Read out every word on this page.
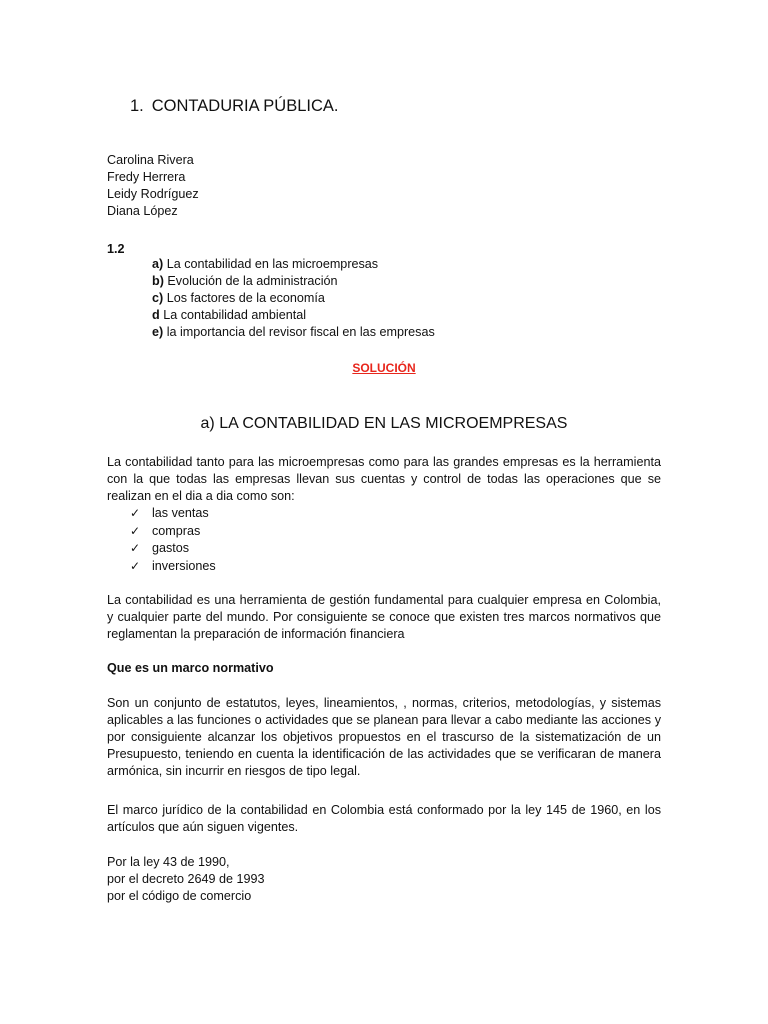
1. CONTADURIA PÚBLICA.
Carolina Rivera
Fredy Herrera
Leidy Rodríguez
Diana López
1.2
a) La contabilidad en las microempresas
b) Evolución de la administración
c) Los factores de la economía
d La contabilidad ambiental
e) la importancia del revisor fiscal en las empresas
SOLUCIÓN
a) LA CONTABILIDAD EN LAS MICROEMPRESAS
La contabilidad tanto para las microempresas como para las grandes empresas es la herramienta con la que todas las empresas llevan sus cuentas y control de todas las operaciones que se realizan en el dia a dia como son:
✓ las ventas
✓ compras
✓ gastos
✓ inversiones
La contabilidad es una herramienta de gestión fundamental para cualquier empresa en Colombia, y cualquier parte del mundo. Por consiguiente se conoce que existen tres marcos normativos que reglamentan la preparación de información financiera
Que es un marco normativo
Son un conjunto de estatutos, leyes, lineamientos, , normas, criterios, metodologías, y sistemas aplicables a las funciones o actividades que se planean para llevar a cabo mediante las acciones y por consiguiente alcanzar los objetivos propuestos en el trascurso de la sistematización de un Presupuesto, teniendo en cuenta la identificación de las actividades que se verificaran de manera armónica, sin incurrir en riesgos de tipo legal.
El marco jurídico de la contabilidad en Colombia está conformado por la ley 145 de 1960, en los artículos que aún siguen vigentes.
Por la ley 43 de 1990,
por el decreto 2649 de 1993
por el código de comercio
